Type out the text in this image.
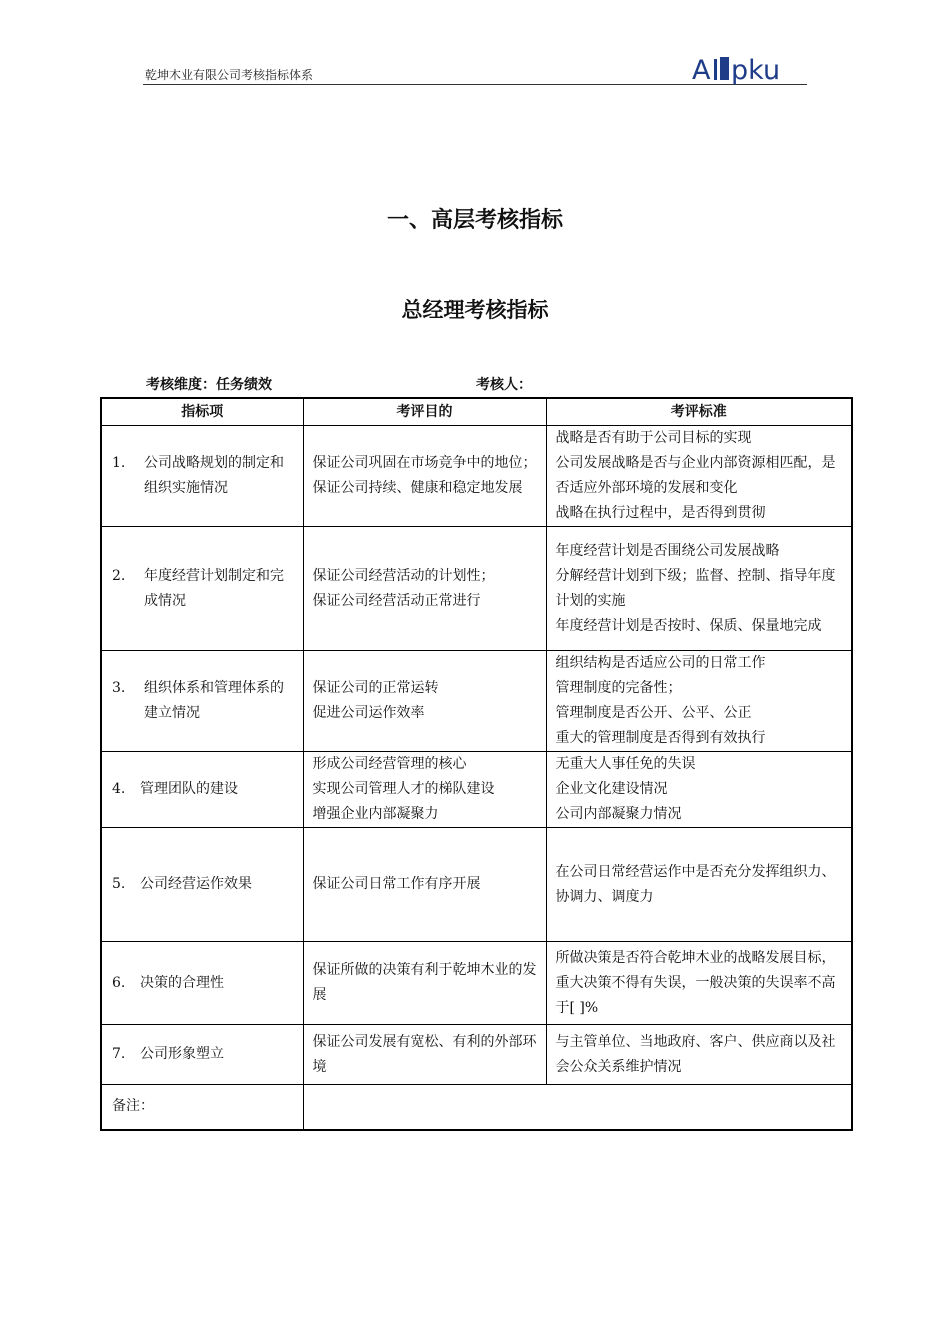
乾坤木业有限公司考核指标体系	A pku
一、高层考核指标
总经理考核指标
考核维度：任务绩效	考核人：
指标项	考评目的	考评标准

1. 公司战略规划的制定和组织实施情况	保证公司巩固在市场竞争中的地位；保证公司持续、健康和稳定地发展	战略是否有助于公司目标的实现
公司发展战略是否与企业内部资源相匹配，是否适应外部环境的发展和变化
战略在执行过程中，是否得到贯彻

2. 年度经营计划制定和完成情况	保证公司经营活动的计划性；
保证公司经营活动正常进行	年度经营计划是否围绕公司发展战略
分解经营计划到下级；监督、控制、指导年度计划的实施
年度经营计划是否按时、保质、保量地完成

3. 组织体系和管理体系的建立情况	保证公司的正常运转
促进公司运作效率	组织结构是否适应公司的日常工作
管理制度的完备性；
管理制度是否公开、公平、公正
重大的管理制度是否得到有效执行

4. 管理团队的建设	形成公司经营管理的核心
实现公司管理人才的梯队建设
增强企业内部凝聚力	无重大人事任免的失误
企业文化建设情况
公司内部凝聚力情况

5. 公司经营运作效果	保证公司日常工作有序开展	在公司日常经营运作中是否充分发挥组织力、协调力、调度力

6. 决策的合理性	保证所做的决策有利于乾坤木业的发展	所做决策是否符合乾坤木业的战略发展目标，重大决策不得有失误，一般决策的失误率不高于[ ]%

7. 公司形象塑立	保证公司发展有宽松、有利的外部环境	与主管单位、当地政府、客户、供应商以及社会公众关系维护情况
备注：		
